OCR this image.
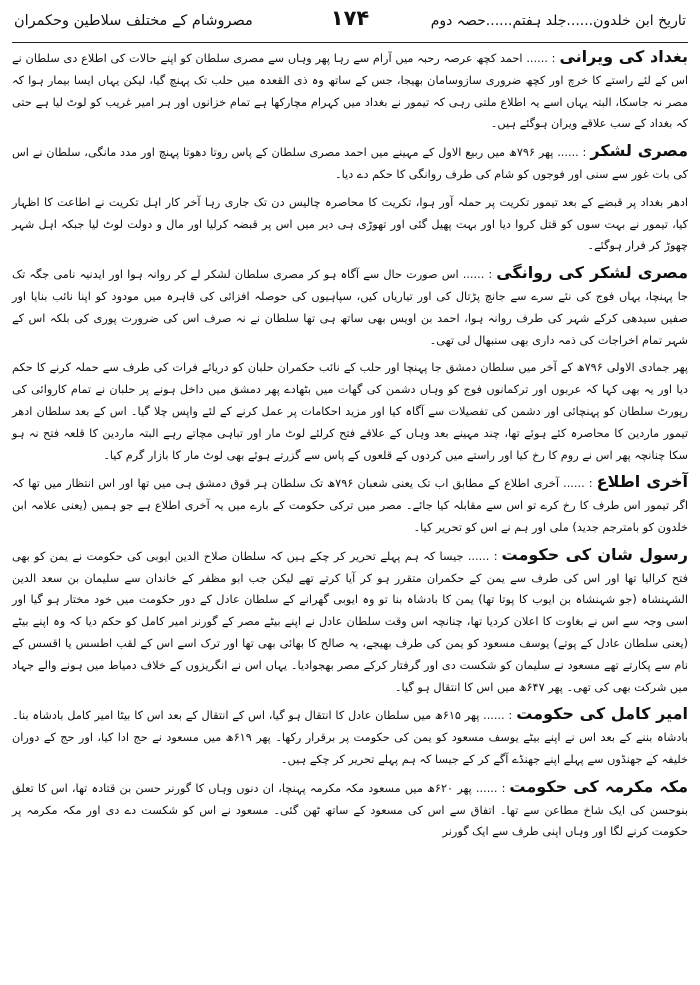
تاریخ ابن خلدون......جلد ہفتم......حصہ دوم
۱۷۴
مصروشام کے مختلف سلاطین وحکمران

بغداد کی ویرانی: ...... احمد کچھ عرصہ رحبہ میں آرام سے رہا پھر وہاں سے مصری سلطان کو اپنے حالات کی اطلاع دی سلطان نے اس کے لئے راستے کا خرچ اور کچھ ضروری سازوسامان بھیجا، جس کے ساتھ وہ ذی القعدہ میں حلب تک پہنچ گیا، لیکن یہاں ایسا بیمار ہوا کہ مصر نہ جاسکا، البتہ یہاں اسے یہ اطلاع ملتی رہی کہ تیمور نے بغداد میں کہرام مچارکھا ہے تمام خزانوں اور ہر امیر غریب کو لوٹ لیا ہے حتی کہ بغداد کے سب علاقے ویران ہوگئے ہیں۔

مصری لشکر: ...... پھر ۷۹۶ھ میں ربیع الاول کے مہینے میں احمد مصری سلطان کے پاس روتا دھوتا پہنچ اور مدد مانگی، سلطان نے اس کی بات غور سے سنی اور فوجوں کو شام کی طرف روانگی کا حکم دے دیا۔

ادھر بغداد پر قبضے کے بعد تیمور تکریت پر حملہ آور ہوا، تکریت کا محاصرہ چالیس دن تک جاری رہا آخر کار اہل تکریت نے اطاعت کا اظہار کیا، تیمور نے بہت سوں کو قتل کروا دیا اور بہت پھیل گئی اور تھوڑی ہی دیر میں اس پر قبضہ کرلیا اور مال و دولت لوٹ لیا جبکہ اہل شہر چھوڑ کر فرار ہوگئے۔

مصری لشکر کی روانگی: ...... اس صورت حال سے آگاہ ہو کر مصری سلطان لشکر لے کر روانہ ہوا اور ایدنیہ نامی جگہ تک جا پہنچا، یہاں فوج کی نئے سرے سے جانچ پڑتال کی اور تیاریاں کیں، سپاہیوں کی حوصلہ افزائی کی قاہرہ میں مودود کو اپنا نائب بنایا اور صفیں سیدھی کرکے شہر کی طرف روانہ ہوا، احمد بن اویس بھی ساتھ ہی تھا سلطان نے نہ صرف اس کی ضرورت پوری کی بلکہ اس کے شہر تمام اخراجات کی ذمہ داری بھی سنبھال لی تھی۔

پھر جمادی الاولی ۷۹۶ھ کے آخر میں سلطان دمشق جا پہنچا اور حلب کے نائب حکمران حلبان کو دریائے فرات کی طرف سے حملہ کرنے کا حکم دیا اور یہ بھی کہا کہ عربوں اور ترکمانوں فوج کو وہاں دشمن کی گھات میں بٹھادے پھر دمشق میں داخل ہونے پر حلبان نے تمام کاروائی کی رپورٹ سلطان کو پہنچائی اور دشمن کی تفصیلات سے آگاہ کیا اور مزید احکامات پر عمل کرنے کے لئے واپس چلا گیا۔ اس کے بعد سلطان ادھر تیمور ماردین کا محاصرہ کئے ہوئے تھا، چند مہینے بعد وہاں کے علاقے فتح کرلئے لوٹ مار اور تباہی مچاتے رہے البتہ ماردین کا قلعہ فتح نہ ہو سکا چنانچہ پھر اس نے روم کا رخ کیا اور راستے میں کردوں کے قلعوں کے پاس سے گزرتے ہوئے بھی لوٹ مار کا بازار گرم کیا۔

آخری اطلاع: ...... آخری اطلاع کے مطابق اب تک یعنی شعبان ۷۹۶ھ تک سلطان ہر قوق دمشق ہی میں تھا اور اس انتظار میں تھا کہ اگر تیمور اس طرف کا رخ کرے تو اس سے مقابلہ کیا جائے۔ مصر میں ترکی حکومت کے بارے میں یہ آخری اطلاع ہے جو ہمیں (یعنی علامہ ابن خلدون کو بامترجم جدید) ملی اور ہم نے اس کو تحریر کیا۔

رسول شان کی حکومت: ...... جیسا کہ ہم پہلے تحریر کر چکے ہیں کہ سلطان صلاح الدین ایوبی کی حکومت نے یمن کو بھی فتح کرالیا تھا اور اس کی طرف سے یمن کے حکمران متقرر ہو کر آیا کرتے تھے لیکن جب ابو مظفر کے خاندان سے سلیمان بن سعد الدین الشہنشاہ (جو شہنشاہ بن ایوب کا پوتا تھا) یمن کا بادشاہ بنا تو وہ ایوبی گھرانے کے سلطان عادل کے دور حکومت میں خود مختار ہو گیا اور اسی وجہ سے اس نے بغاوت کا اعلان کردیا تھا، چنانچہ اس وقت سلطان عادل نے اپنے بیٹے مصر کے گورنر امیر کامل کو حکم دیا کہ وہ اپنے بیٹے (یعنی سلطان عادل کے پوتے) یوسف مسعود کو یمن کی طرف بھیجے، یہ صالح کا بھائی بھی تھا اور ترک اسے اس کے لقب اطسس یا اقسس کے نام سے پکارتے تھے مسعود نے سلیمان کو شکست دی اور گرفتار کرکے مصر بھجوادیا۔ یہاں اس نے انگریزوں کے خلاف دمیاط میں ہونے والے جہاد میں شرکت بھی کی تھی۔ پھر ۶۴۷ھ میں اس کا انتقال ہو گیا۔

امیر کامل کی حکومت: ...... پھر ۶۱۵ھ میں سلطان عادل کا انتقال ہو گیا، اس کے انتقال کے بعد اس کا بیٹا امیر کامل بادشاہ بنا۔ بادشاہ بننے کے بعد اس نے اپنے بیٹے یوسف مسعود کو یمن کی حکومت پر برقرار رکھا۔ پھر ۶۱۹ھ میں مسعود نے حج ادا کیا، اور حج کے دوران خلیفہ کے جھنڈوں سے پہلے اپنے جھنڈے آگے کر کے جیسا کہ ہم پہلے تحریر کر چکے ہیں۔

مکہ مکرمہ کی حکومت: ...... پھر ۶۲۰ھ میں مسعود مکہ مکرمہ پہنچا، ان دنوں وہاں کا گورنر حسن بن قتادہ تھا، اس کا تعلق بنوحسن کی ایک شاخ مطاعن سے تھا۔ اتفاق سے اس کی مسعود کے ساتھ ٹھن گئی۔ مسعود نے اس کو شکست دے دی اور مکہ مکرمہ پر حکومت کرنے لگا اور وہاں اپنی طرف سے ایک گورنر
